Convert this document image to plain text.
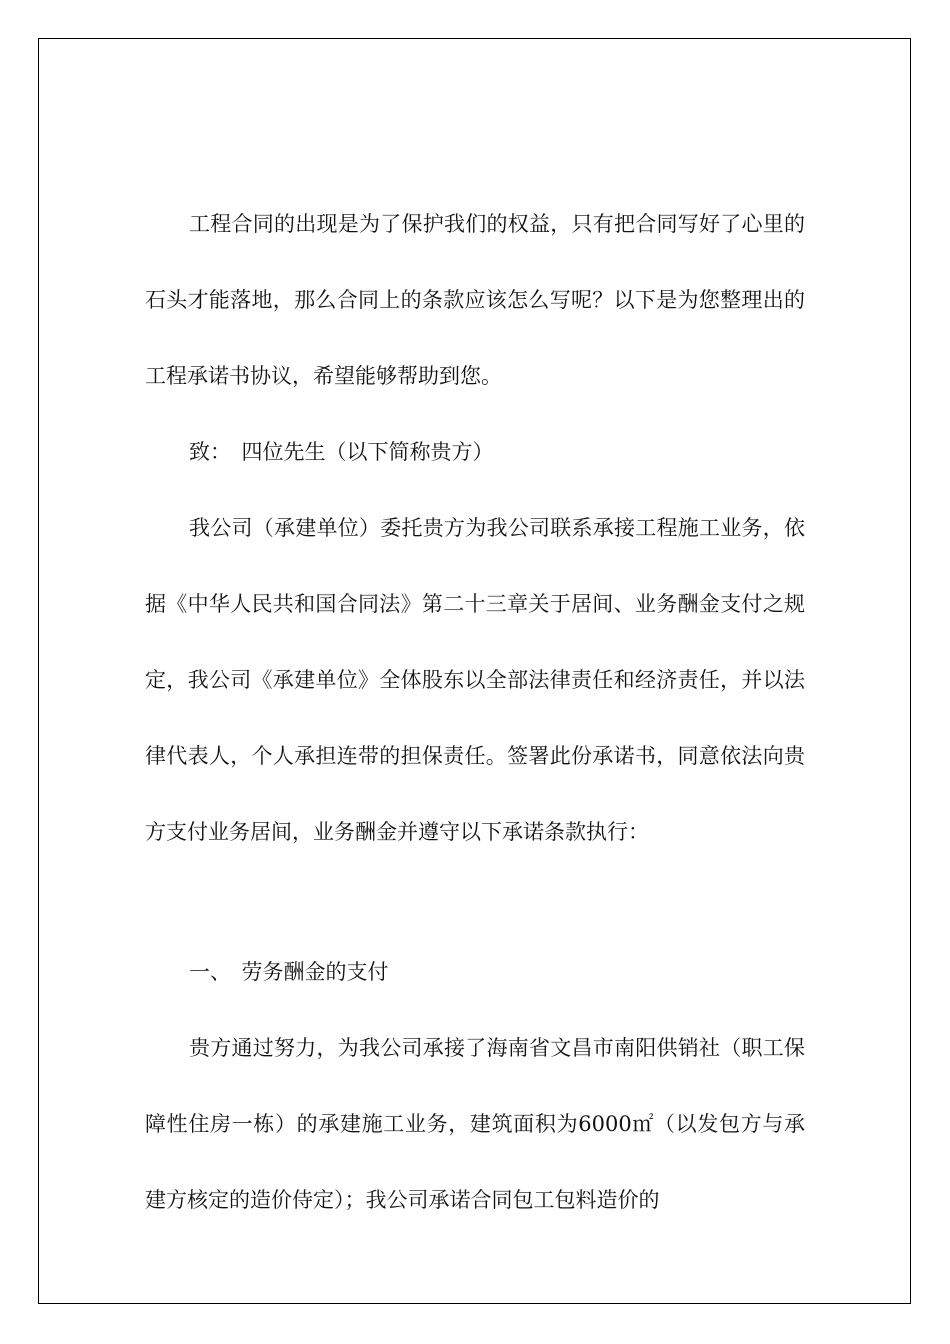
工程合同的出现是为了保护我们的权益，只有把合同写好了心里的石头才能落地，那么合同上的条款应该怎么写呢？以下是为您整理出的工程承诺书协议，希望能够帮助到您。

致：　四位先生（以下简称贵方）

我公司（承建单位）委托贵方为我公司联系承接工程施工业务，依据《中华人民共和国合同法》第二十三章关于居间、业务酬金支付之规定，我公司《承建单位》全体股东以全部法律责任和经济责任，并以法律代表人，个人承担连带的担保责任。签署此份承诺书，同意依法向贵方支付业务居间，业务酬金并遵守以下承诺条款执行：

一、　劳务酬金的支付

贵方通过努力，为我公司承接了海南省文昌市南阳供销社（职工保障性住房一栋）的承建施工业务，建筑面积为6000㎡（以发包方与承建方核定的造价侍定）；我公司承诺合同包工包料造价的
